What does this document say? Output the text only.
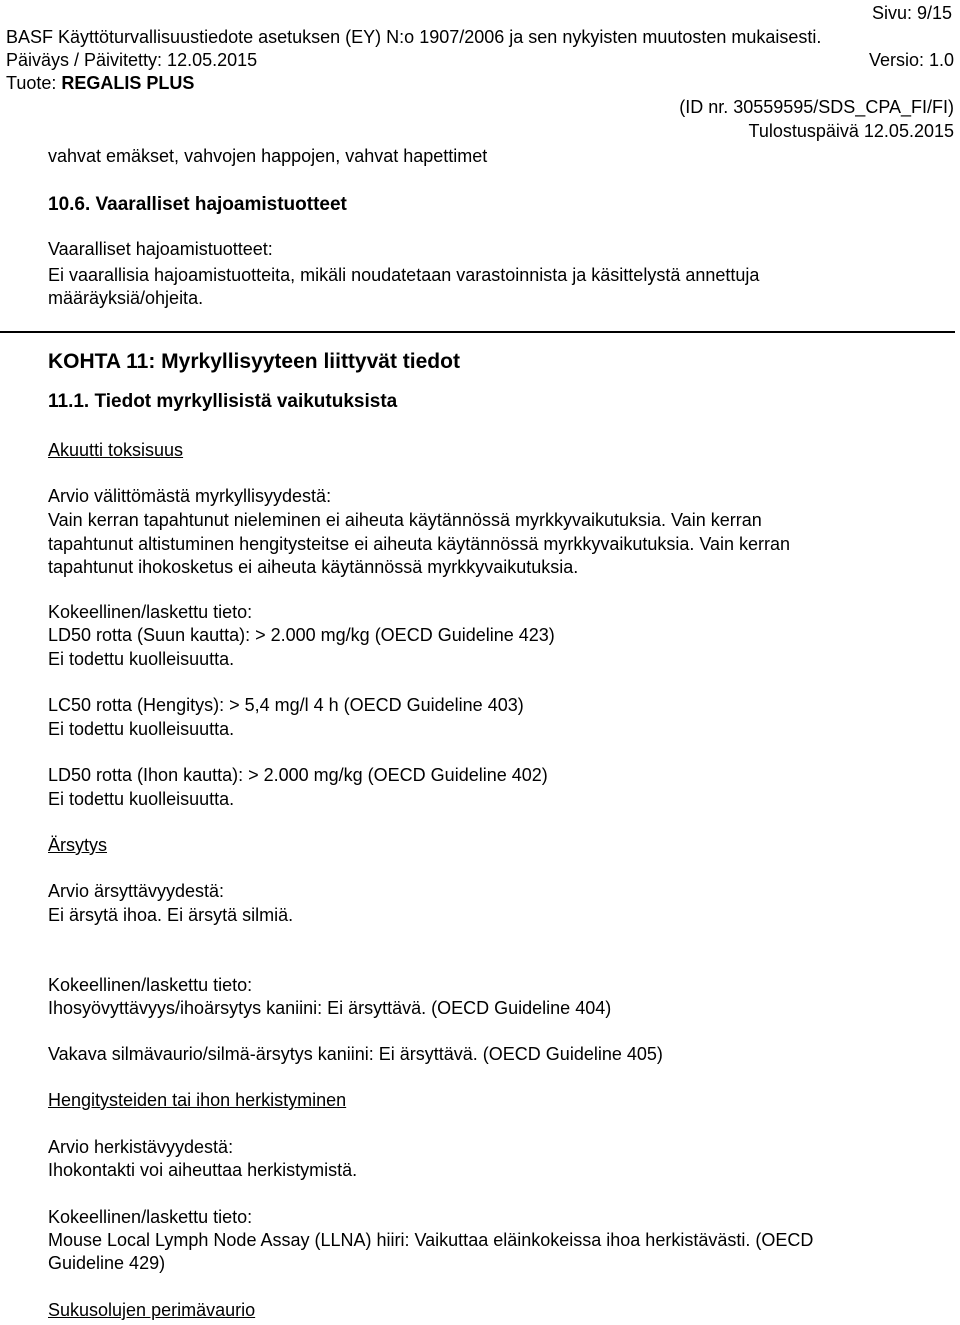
Sivu: 9/15
BASF Käyttöturvallisuustiedote asetuksen (EY) N:o 1907/2006 ja sen nykyisten muutosten mukaisesti.
Päiväys / Päivitetty: 12.05.2015	Versio: 1.0
Tuote: REGALIS PLUS
(ID nr. 30559595/SDS_CPA_FI/FI)
Tulostuspäivä 12.05.2015
vahvat emäkset, vahvojen happojen, vahvat hapettimet
10.6. Vaaralliset hajoamistuotteet
Vaaralliset hajoamistuotteet:
Ei vaarallisia hajoamistuotteita, mikäli noudatetaan varastoinnista ja käsittelystä annettuja
määräyksiä/ohjeita.
KOHTA 11: Myrkyllisyyteen liittyvät tiedot
11.1. Tiedot myrkyllisistä vaikutuksista
Akuutti toksisuus
Arvio välittömästä myrkyllisyydestä:
Vain kerran tapahtunut nieleminen ei aiheuta käytännössä myrkkyvaikutuksia. Vain kerran
tapahtunut altistuminen hengitysteitse ei aiheuta käytännössä myrkkyvaikutuksia. Vain kerran
tapahtunut ihokosketus ei aiheuta käytännössä myrkkyvaikutuksia.
Kokeellinen/laskettu tieto:
LD50 rotta (Suun kautta): > 2.000 mg/kg (OECD Guideline 423)
Ei todettu kuolleisuutta.
LC50 rotta (Hengitys): > 5,4 mg/l 4 h (OECD Guideline 403)
Ei todettu kuolleisuutta.
LD50 rotta (Ihon kautta): > 2.000 mg/kg (OECD Guideline 402)
Ei todettu kuolleisuutta.
Ärsytys
Arvio ärsyttävyydestä:
Ei ärsytä ihoa. Ei ärsytä silmiä.
Kokeellinen/laskettu tieto:
Ihosyövyttävyys/ihoärsytys kaniini: Ei ärsyttävä. (OECD Guideline 404)
Vakava silmävaurio/silmä-ärsytys kaniini: Ei ärsyttävä. (OECD Guideline 405)
Hengitysteiden tai ihon herkistyminen
Arvio herkistävyydestä:
Ihokontakti voi aiheuttaa herkistymistä.
Kokeellinen/laskettu tieto:
Mouse Local Lymph Node Assay (LLNA) hiiri: Vaikuttaa eläinkokeissa ihoa herkistävästi. (OECD
Guideline 429)
Sukusolujen perimävaurio
